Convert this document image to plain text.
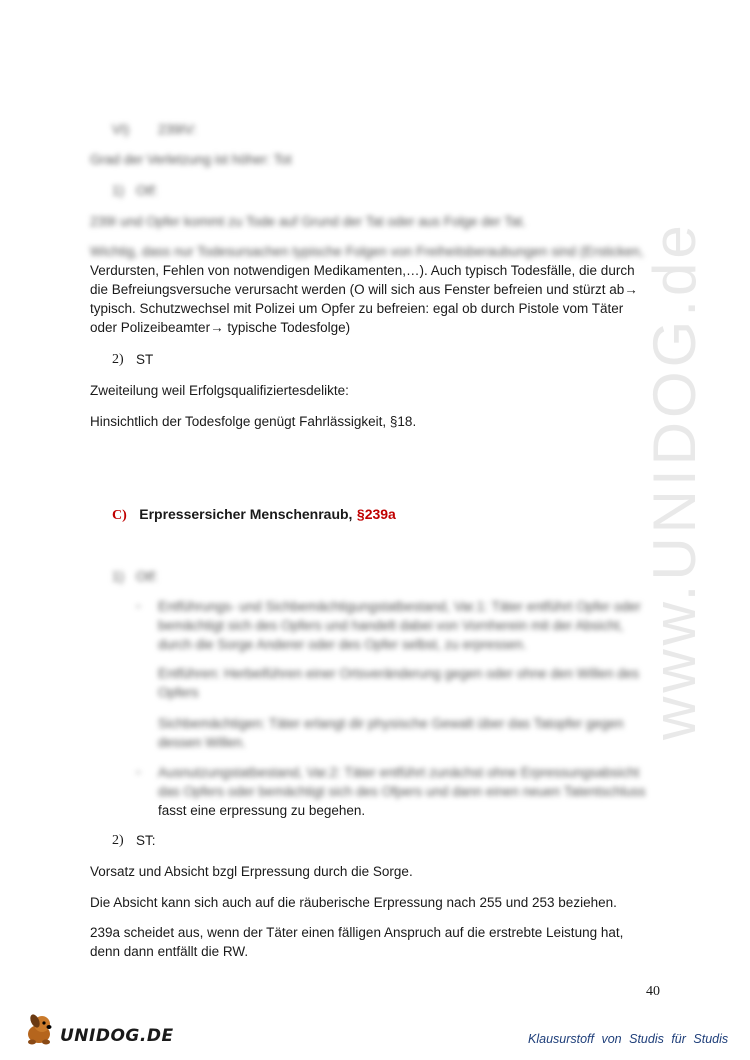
www.UNIDOG.de
VI) 239IV:
Grad der Verletzung ist höher: Tot
1) Otf:
239I und Opfer kommt zu Tode auf Grund der Tat oder aus Folge der Tat.
Wichtig, dass nur Todesursachen typische Folgen von Freiheitsberaubungen sind (Ersticken,
Verdursten, Fehlen von notwendigen Medikamenten,…). Auch typisch Todesfälle, die durch
die Befreiungsversuche verursacht werden (O will sich aus Fenster befreien und stürzt ab→
typisch. Schutzwechsel mit Polizei um Opfer zu befreien: egal ob durch Pistole vom Täter
oder Polizeibeamter→ typische Todesfolge)
2) ST
Zweiteilung weil Erfolgsqualifiziertesdelikte:
Hinsichtlich der Todesfolge genügt Fahrlässigkeit, §18.
C) Erpressersicher Menschenraub, §239a
1) Otf:
- Entführungs- und Sichbemächtigungstatbestand, Var.1: Täter entführt Opfer oder
bemächtigt sich des Opfers und handelt dabei von Vornherein mit der Absicht,
durch die Sorge Anderer oder des Opfer selbst, zu erpressen.
Entführen: Herbeiführen einer Ortsveränderung gegen oder ohne den Willen des
Opfers
Sichbemächtigen: Täter erlangt dir physische Gewalt über das Tatopfer gegen
dessen Willen.
- Ausnutzungstatbestand, Var.2: Täter entführt zunächst ohne Erpressungsabsicht
das Opfers oder bemächtigt sich des Ofpers und dann einen neuen Tatentschluss
fasst eine erpressung zu begehen.
2) ST:
Vorsatz und Absicht bzgl Erpressung durch die Sorge.
Die Absicht kann sich auch auf die räuberische Erpressung nach 255 und 253 beziehen.
239a scheidet aus, wenn der Täter einen fälligen Anspruch auf die erstrebte Leistung hat,
denn dann entfällt die RW.
40
UNIDOG.DE	Klausurstoff von Studis für Studis
